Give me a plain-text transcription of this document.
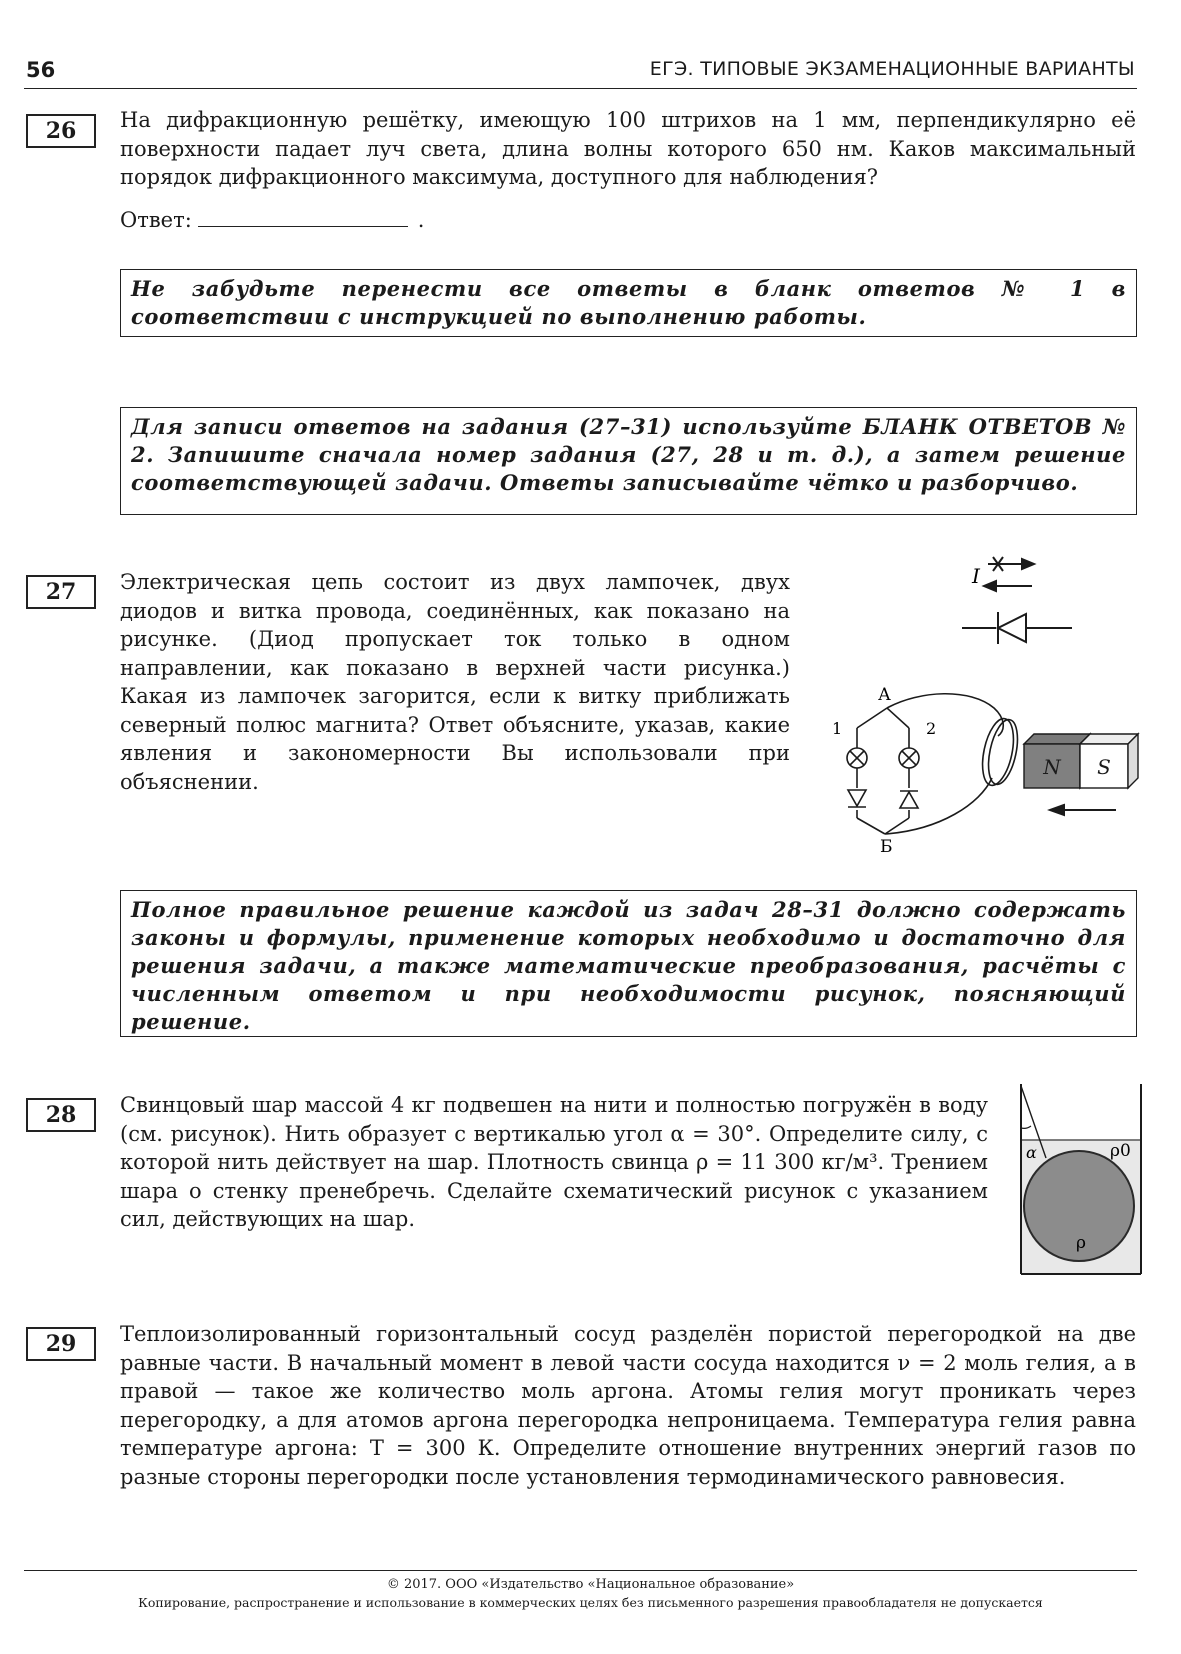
56	ЕГЭ. ТИПОВЫЕ ЭКЗАМЕНАЦИОННЫЕ ВАРИАНТЫ
26	На дифракционную решётку, имеющую 100 штрихов на 1 мм, перпендикулярно её поверхности падает луч света, длина волны которого 650 нм. Каков максимальный порядок дифракционного максимума, доступного для наблюдения?
Ответ:	.
Не забудьте перенести все ответы в бланк ответов № 1 в соответствии с инструкцией по выполнению работы.
Для записи ответов на задания (27–31) используйте БЛАНК ОТВЕТОВ № 2. Запишите сначала номер задания (27, 28 и т. д.), а затем решение соответствующей задачи. Ответы записывайте чётко и разборчиво.
27	Электрическая цепь состоит из двух лампочек, двух диодов и витка провода, соединённых, как показано на рисунке. (Диод пропускает ток только в одном направлении, как показано в верхней части рисунка.) Какая из лампочек загорится, если к витку приближать северный полюс магнита? Ответ объясните, указав, какие явления и закономерности Вы использовали при объяснении.
I
А
Б
1	2
N S
Полное правильное решение каждой из задач 28–31 должно содержать законы и формулы, применение которых необходимо и достаточно для решения задачи, а также математические преобразования, расчёты с численным ответом и при необходимости рисунок, поясняющий решение.
28	Свинцовый шар массой 4 кг подвешен на нити и полностью погружён в воду (см. рисунок). Нить образует с вертикалью угол α = 30°. Определите силу, с которой нить действует на шар. Плотность свинца ρ = 11 300 кг/м³. Трением шара о стенку пренебречь. Сделайте схематический рисунок с указанием сил, действующих на шар.
α	ρ0
ρ
29	Теплоизолированный горизонтальный сосуд разделён пористой перегородкой на две равные части. В начальный момент в левой части сосуда находится ν = 2 моль гелия, а в правой — такое же количество моль аргона. Атомы гелия могут проникать через перегородку, а для атомов аргона перегородка непроницаема. Температура гелия равна температуре аргона: T = 300 К. Определите отношение внутренних энергий газов по разные стороны перегородки после установления термодинамического равновесия.
© 2017. ООО «Издательство «Национальное образование»
Копирование, распространение и использование в коммерческих целях без письменного разрешения правообладателя не допускается
